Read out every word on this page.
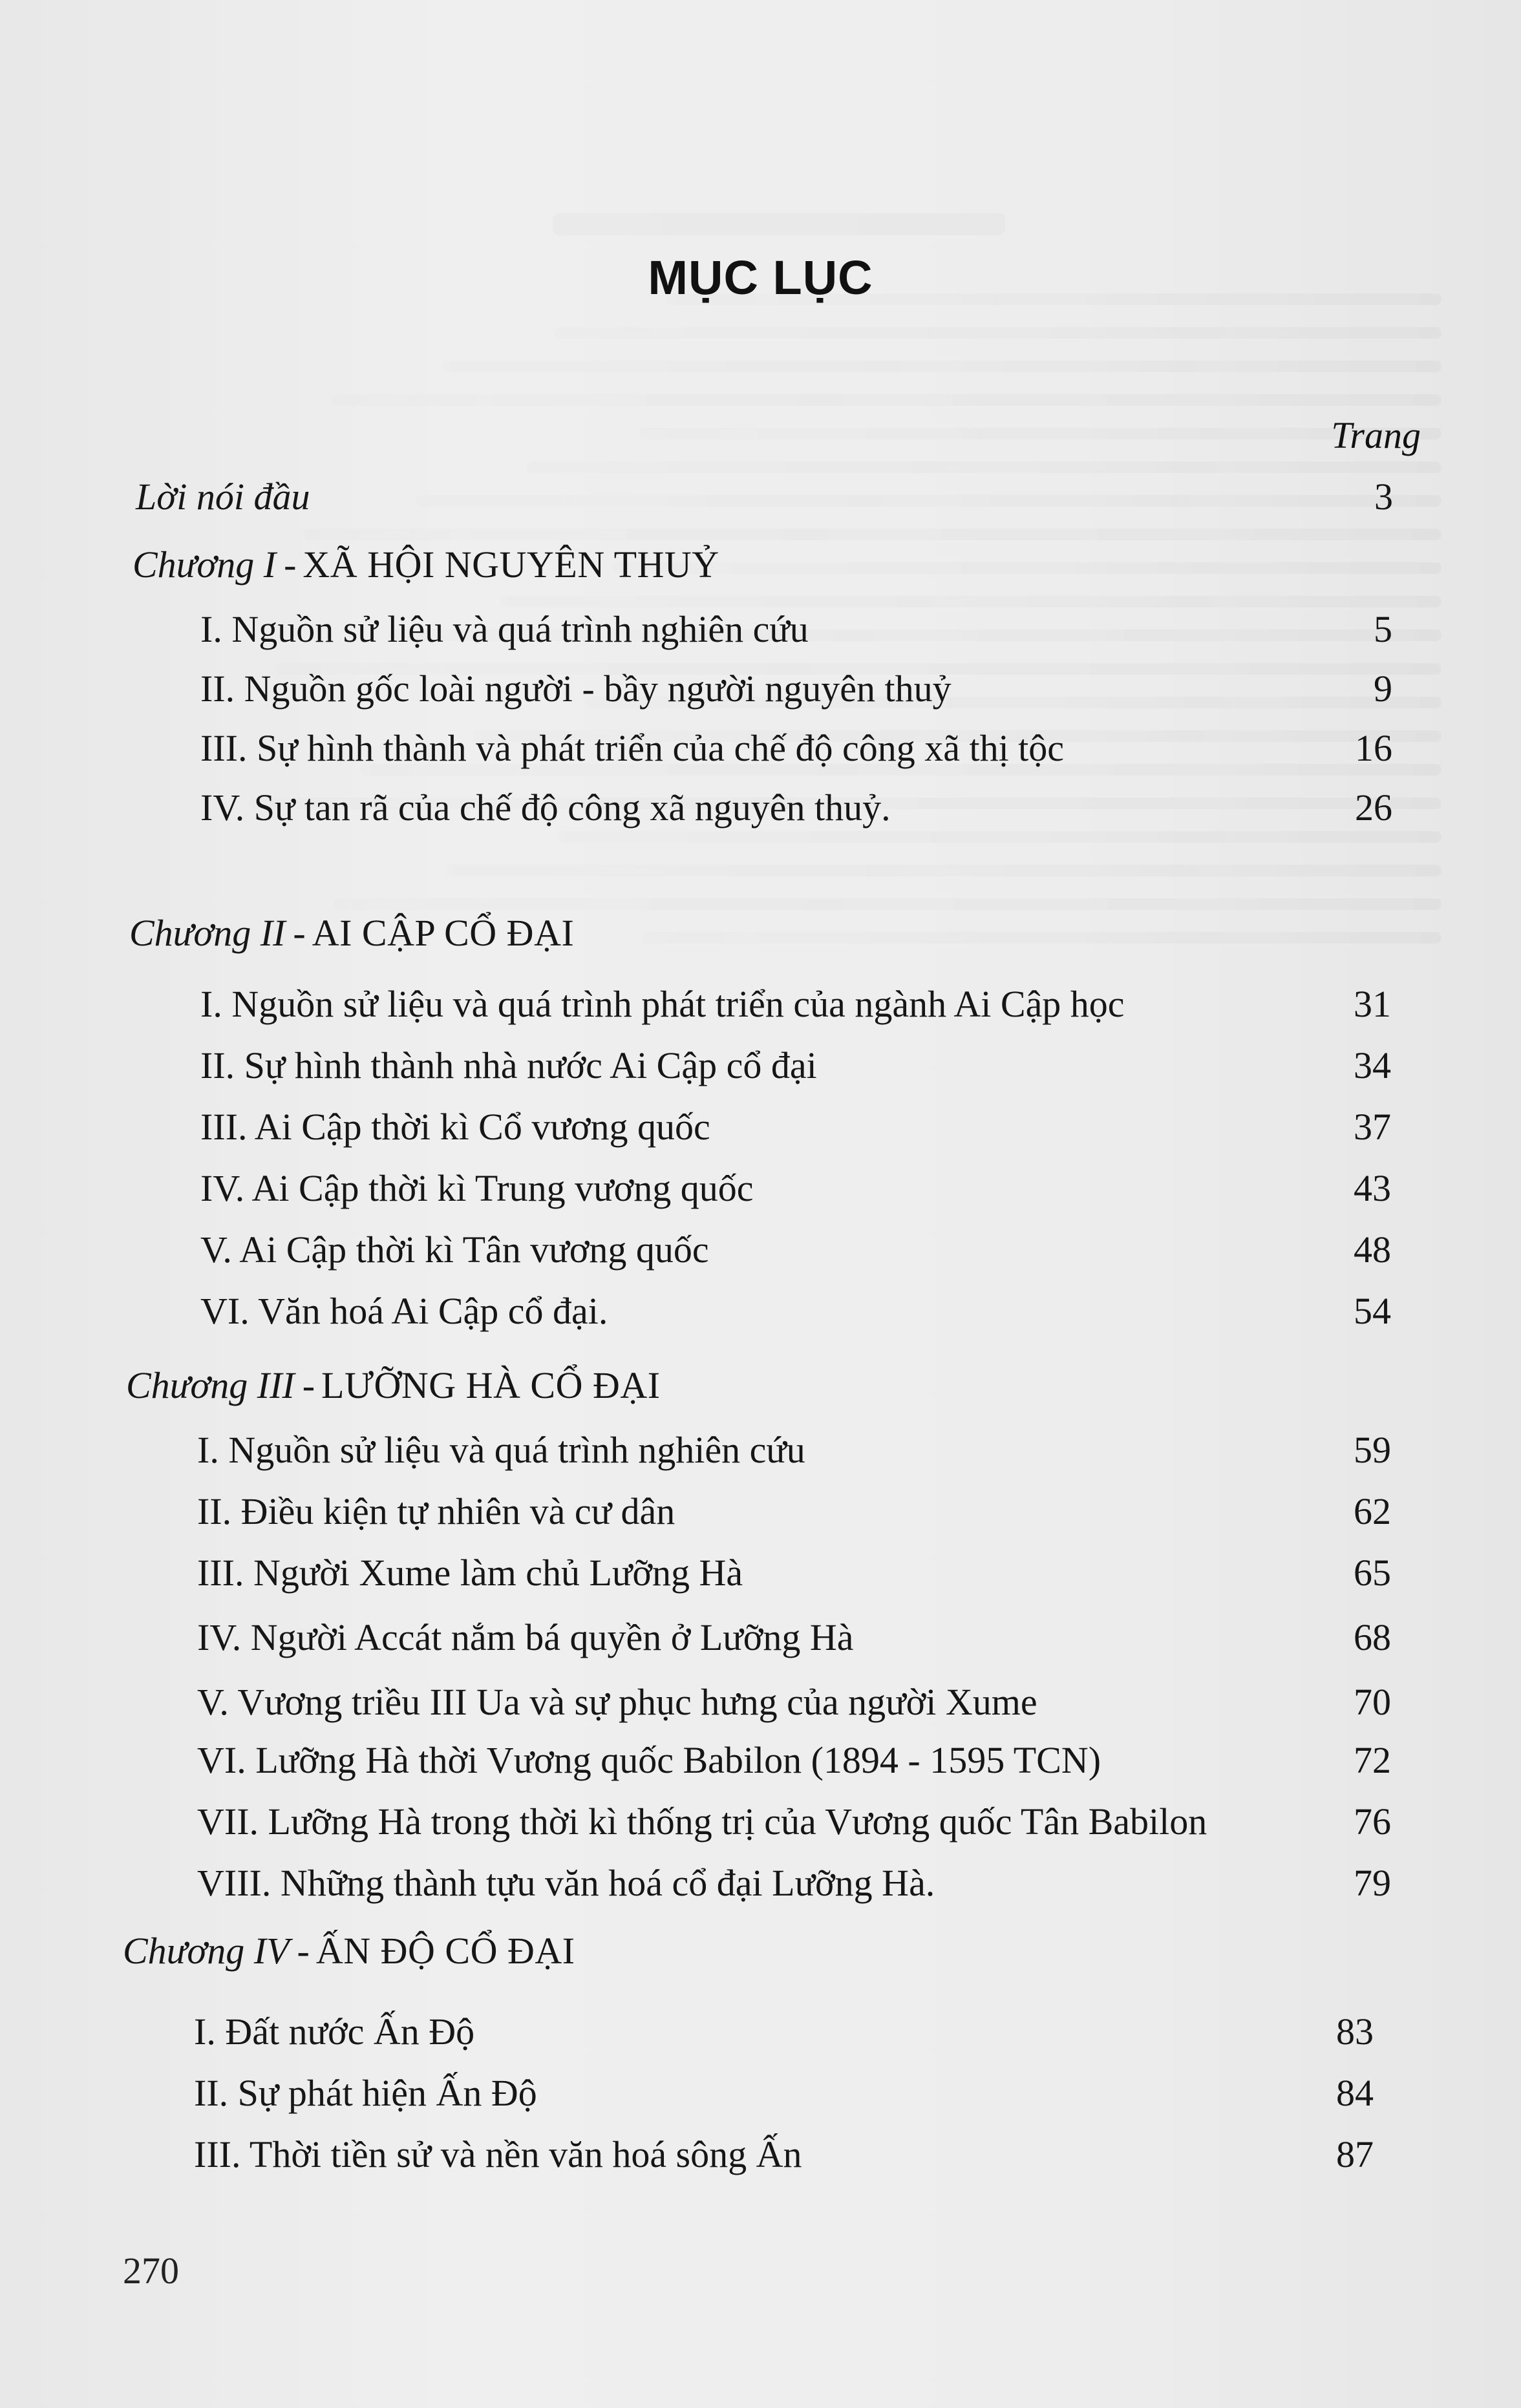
MỤC LỤC
Trang
Lời nói đầu	3
Chương I - XÃ HỘI NGUYÊN THUỶ
I. Nguồn sử liệu và quá trình nghiên cứu	5
II. Nguồn gốc loài người - bầy người nguyên thuỷ	9
III. Sự hình thành và phát triển của chế độ công xã thị tộc	16
IV. Sự tan rã của chế độ công xã nguyên thuỷ.	26
Chương II - AI CẬP CỔ ĐẠI
I. Nguồn sử liệu và quá trình phát triển của ngành Ai Cập học	31
II. Sự hình thành nhà nước Ai Cập cổ đại	34
III. Ai Cập thời kì Cổ vương quốc	37
IV. Ai Cập thời kì Trung vương quốc	43
V. Ai Cập thời kì Tân vương quốc	48
VI. Văn hoá Ai Cập cổ đại.	54
Chương III - LƯỠNG HÀ CỔ ĐẠI
I. Nguồn sử liệu và quá trình nghiên cứu	59
II. Điều kiện tự nhiên và cư dân	62
III. Người Xume làm chủ Lưỡng Hà	65
IV. Người Accát nắm bá quyền ở Lưỡng Hà	68
V. Vương triều III Ua và sự phục hưng của người Xume	70
VI. Lưỡng Hà thời Vương quốc Babilon (1894 - 1595 TCN)	72
VII. Lưỡng Hà trong thời kì thống trị của Vương quốc Tân Babilon	76
VIII. Những thành tựu văn hoá cổ đại Lưỡng Hà.	79
Chương IV - ẤN ĐỘ CỔ ĐẠI
I. Đất nước Ấn Độ	83
II. Sự phát hiện Ấn Độ	84
III. Thời tiền sử và nền văn hoá sông Ấn	87
270
